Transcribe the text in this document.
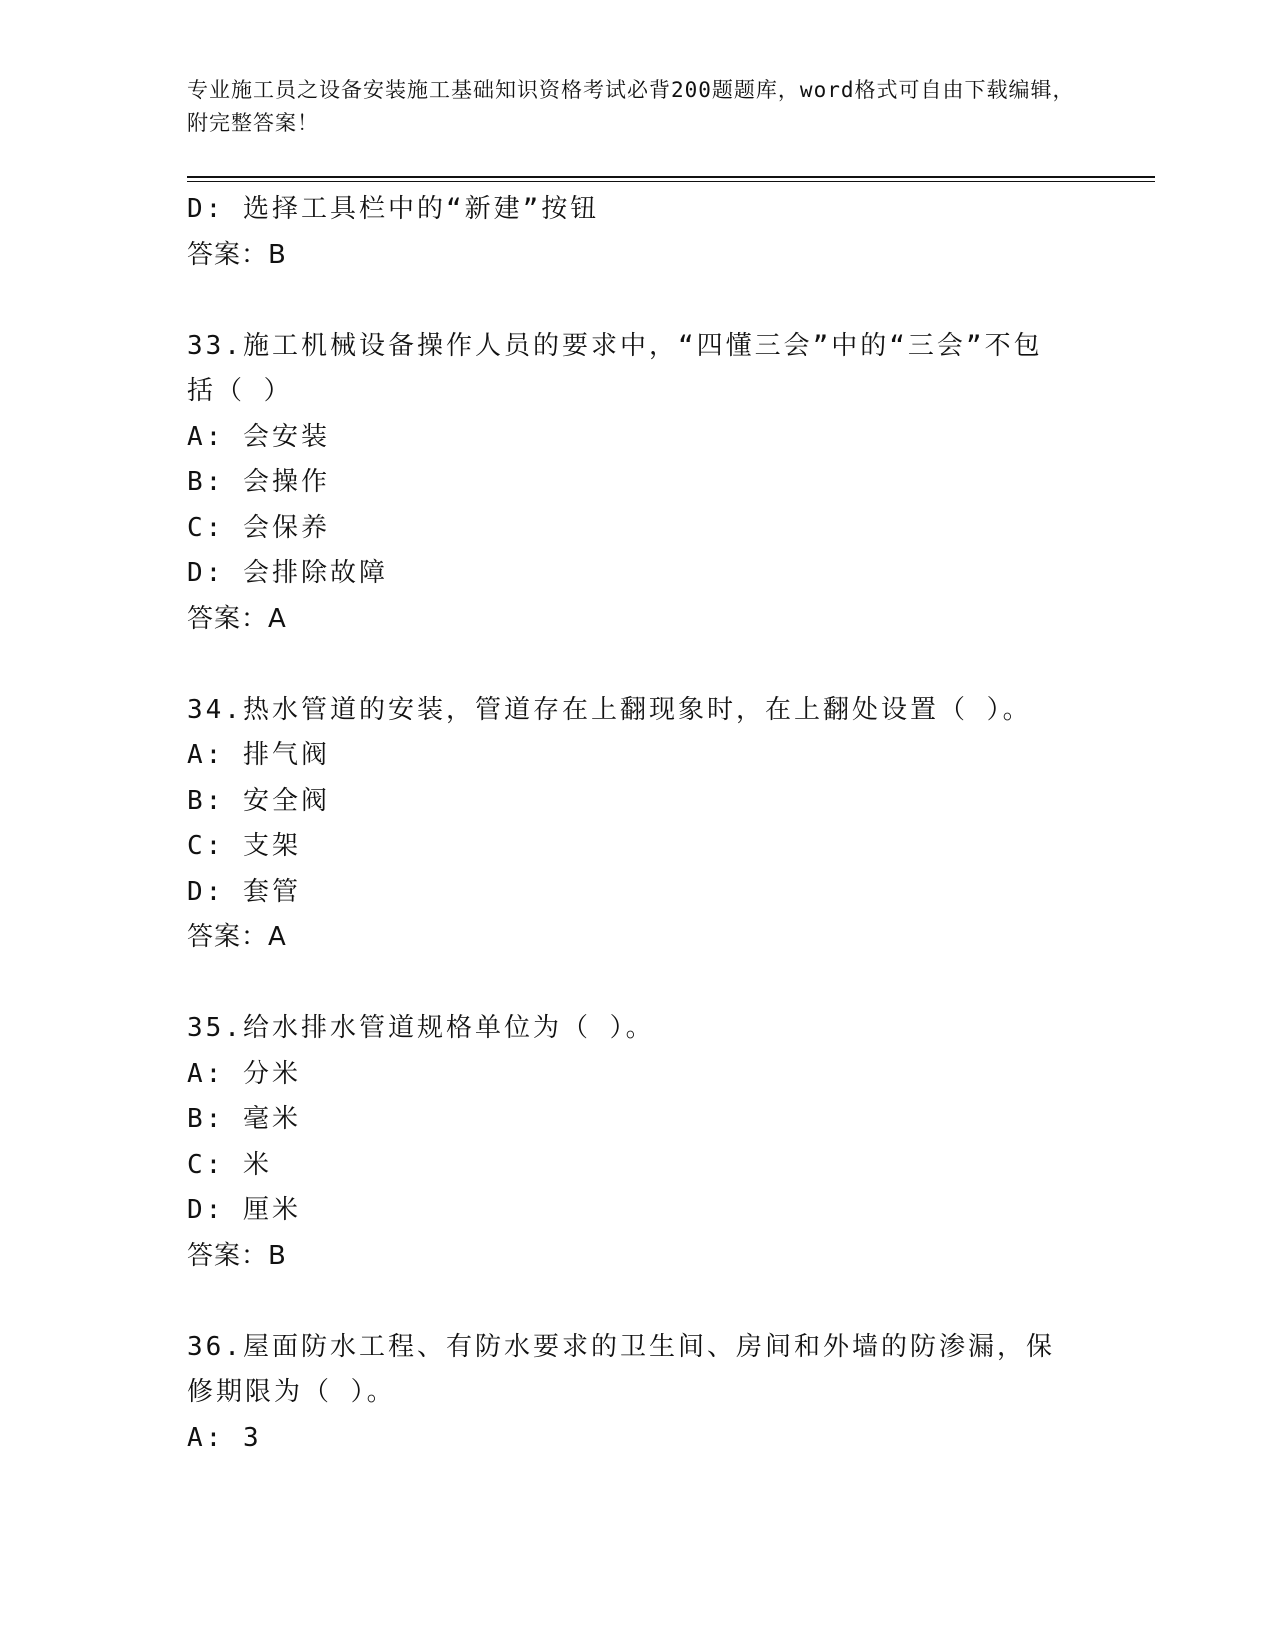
专业施工员之设备安装施工基础知识资格考试必背200题题库，word格式可自由下载编辑，附完整答案！
D: 选择工具栏中的“新建”按钮
答案：B
33.施工机械设备操作人员的要求中，“四懂三会”中的“三会”不包括（ ）
A: 会安装
B: 会操作
C: 会保养
D: 会排除故障
答案：A
34.热水管道的安装，管道存在上翻现象时，在上翻处设置（ ）。
A: 排气阀
B: 安全阀
C: 支架
D: 套管
答案：A
35.给水排水管道规格单位为（ ）。
A: 分米
B: 毫米
C: 米
D: 厘米
答案：B
36.屋面防水工程、有防水要求的卫生间、房间和外墙的防渗漏，保修期限为（ ）。
A: 3
